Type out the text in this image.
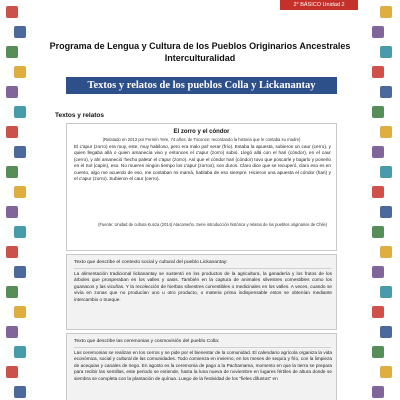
2° BÁSICO Unidad 2
Programa de Lengua y Cultura de los Pueblos Originarios Ancestrales
Interculturalidad
Textos y relatos de los pueblos Colla y Lickanantay
Textos y relatos
El zorro y el cóndor
(Relatado en 2013 por Fermín Yere, 74 años, de Toconce; recordando la historia que le contaba su madre)
El c'apur (zorro) era muy, este, muy habiloso, pero era malo pal' serar (frío). Estaba la apuesta, subieron un caur (cerro), y quien llegaba allá o quien amanecía vivo y entonces el c'apur (zorro) subió. Llegó allá con el hari (cóndor), en el caur (cerro), y ahí amaneció 'hecho paleta' el c'apur (zorro). Así que el cóndor hari (cóndor) tuvo que poscarle y bajarlo y ponerlo en el Sol (capin), eso. No mueren ningún tiempo los c'apur (zorros), son duros. Claro dice que se recuperó, claro eso es en cuento, algo me acuerdo de eso, me contaban mi mamá, hablaba de eso siempre. Hicieron una apuesta el cóndor (hari) y el c'apur (zorro). Subieron el caur (cerro).
(Fuente: Unidad de cultura Kunza (2014) Atacameño. Serie introducción histórica y relatos de los pueblos originarios de Chile)
Texto que describe el contexto social y cultural del pueblo Lickanantay:
La alimentación tradicional lickanantay se sustentó en los productos de la agricultura, la ganadería y los frutos de los árboles que prosperaban en los valles y oasis. También en la captura de animales silvestres comestibles como los guanacos y las vicuñas. Y la recolección de hierbas silvestres comestibles o medicinales en los valles. A veces, cuando se vivía en zonas que no producían uno u otro producto, o materia prima indispensable estos se obtenían mediante intercambio o trueque.
Texto que describe las ceremonias y cosmovisión del pueblo Colla:
Las ceremonias se realizan en los cerros y se pide por el bienestar de la comunidad. El calendario agrícola organiza la vida económica, social y cultural de las comunidades. Todo comienza en invierno, en los meses de sequía y frío, con la limpieza de acequias y canales de riego. En agosto es la ceremonia de pago a la Pachamama, momento en que la tierra se prepara para recibir las semillas, este periodo se extiende, hasta la luna nueva de noviembre en lugares fértiles de altura donde se siembra se completa con la plantación de quínua. Luego de la festividad de los "fieles difuntos" en
